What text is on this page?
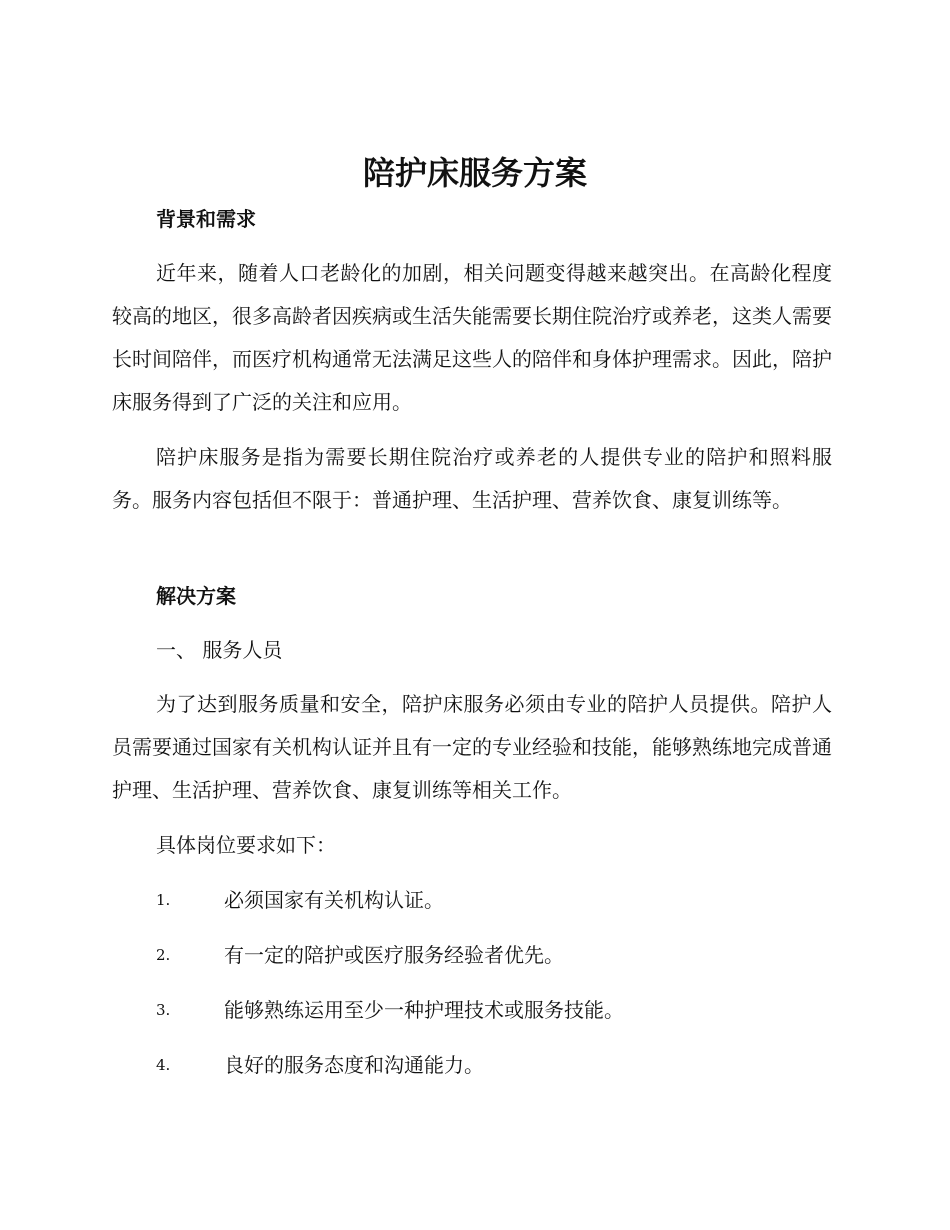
陪护床服务方案
背景和需求

近年来，随着人口老龄化的加剧，相关问题变得越来越突出。在高龄化程度较高的地区，很多高龄者因疾病或生活失能需要长期住院治疗或养老，这类人需要长时间陪伴，而医疗机构通常无法满足这些人的陪伴和身体护理需求。因此，陪护床服务得到了广泛的关注和应用。

陪护床服务是指为需要长期住院治疗或养老的人提供专业的陪护和照料服务。服务内容包括但不限于：普通护理、生活护理、营养饮食、康复训练等。

解决方案
一、 服务人员

为了达到服务质量和安全，陪护床服务必须由专业的陪护人员提供。陪护人员需要通过国家有关机构认证并且有一定的专业经验和技能，能够熟练地完成普通护理、生活护理、营养饮食、康复训练等相关工作。

具体岗位要求如下：
1.	必须国家有关机构认证。
2.	有一定的陪护或医疗服务经验者优先。
3.	能够熟练运用至少一种护理技术或服务技能。
4.	良好的服务态度和沟通能力。
